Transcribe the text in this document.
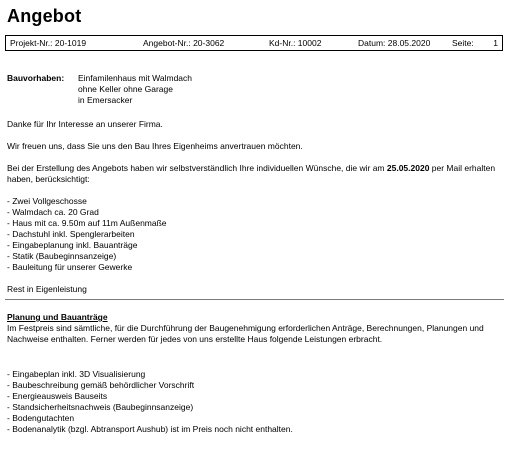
Angebot
Projekt-Nr.: 20-1019	Angebot-Nr.: 20-3062	Kd-Nr.: 10002	Datum: 28.05.2020	Seite: 1
Bauvorhaben: Einfamilenhaus mit Walmdach
ohne Keller ohne Garage
in Emersacker
Danke für Ihr Interesse an unserer Firma.
Wir freuen uns, dass Sie uns den Bau Ihres Eigenheims anvertrauen möchten.
Bei der Erstellung des Angebots haben wir selbstverständlich Ihre individuellen Wünsche, die wir am 25.05.2020 per Mail erhalten haben, berücksichtigt:
- Zwei Vollgeschosse
- Walmdach ca. 20 Grad
- Haus mit ca. 9.50m auf 11m Außenmaße
- Dachstuhl inkl. Spenglerarbeiten
- Eingabeplanung inkl. Bauanträge
- Statik (Baubeginnsanzeige)
- Bauleitung für unserer Gewerke
Rest in Eigenleistung
Planung und Bauanträge
Im Festpreis sind sämtliche, für die Durchführung der Baugenehmigung erforderlichen Anträge, Berechnungen, Planungen und Nachweise enthalten. Ferner werden für jedes von uns erstellte Haus folgende Leistungen erbracht.
- Eingabeplan inkl. 3D Visualisierung
- Baubeschreibung gemäß behördlicher Vorschrift
- Energieausweis Bauseits
- Standsicherheitsnachweis (Baubeginnsanzeige)
- Bodengutachten
- Bodenanalytik (bzgl. Abtransport Aushub) ist im Preis noch nicht enthalten.
